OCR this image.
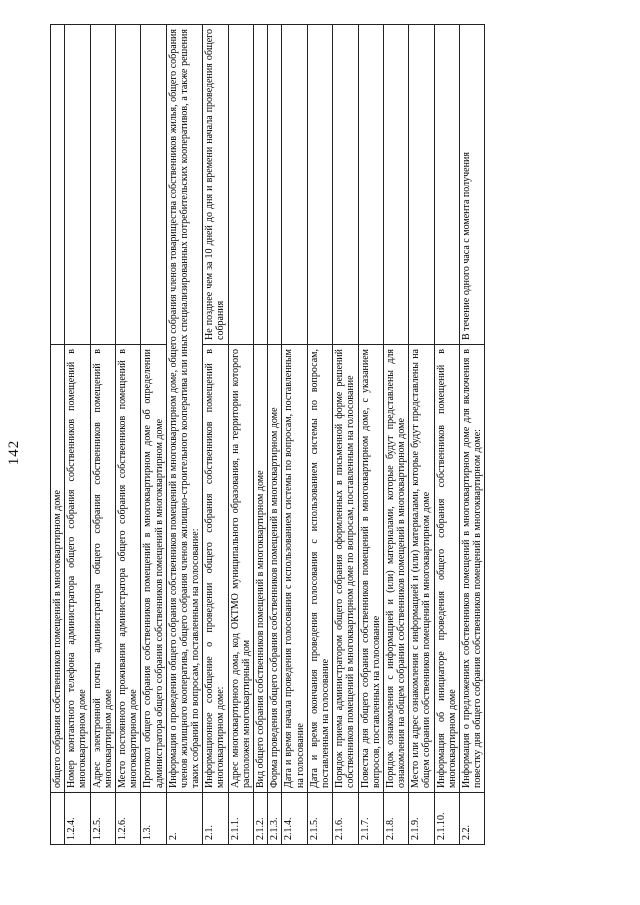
142
	общего собрания собственников помещений в многоквартирном доме	
1.2.4.	Номер контактного телефона администратора общего собрания собственников помещений в многоквартирном доме	
1.2.5.	Адрес электронной почты администратора общего собрания собственников помещений в многоквартирном доме	
1.2.6.	Место постоянного проживания администратора общего собрания собственников помещений в многоквартирном доме	
1.3.	Протокол общего собрания собственников помещений в многоквартирном доме об определении администратора общего собрания собственников помещений в многоквартирном доме	
2.	Информация о проведении общего собрания собственников помещений в многоквартирном доме, общего собрания членов товарищества собственников жилья, общего собрания членов жилищного кооператива, общего собрания членов жилищно-строительного кооператива или иных специализированных потребительских кооперативов, а также решения таких собраний по вопросам, поставленным на голосование:	
2.1.	Информационное сообщение о проведении общего собрания собственников помещений в многоквартирном доме:	Не позднее чем за 10 дней до дня и времени начала проведения общего собрания
2.1.1.	Адрес многоквартирного дома, код ОКТМО муниципального образования, на территории которого расположен многоквартирный дом	
2.1.2.	Вид общего собрания собственников помещений в многоквартирном доме	
2.1.3.	Форма проведения общего собрания собственников помещений в многоквартирном доме	
2.1.4.	Дата и время начала проведения голосования с использованием системы по вопросам, поставленным на голосование	
2.1.5.	Дата и время окончания проведения голосования с использованием системы по вопросам, поставленным на голосование	
2.1.6.	Порядок приема администратором общего собрания оформленных в письменной форме решений собственников помещений в многоквартирном доме по вопросам, поставленным на голосование	
2.1.7.	Повестка дня общего собрания собственников помещений в многоквартирном доме, с указанием вопросов, поставленных на голосование	
2.1.8.	Порядок ознакомления с информацией и (или) материалами, которые будут представлены для ознакомления на общем собрании собственников помещений в многоквартирном доме	
2.1.9.	Место или адрес ознакомления с информацией и (или) материалами, которые будут представлены на общем собрании собственников помещений в многоквартирном доме	
2.1.10.	Информация об инициаторе проведения общего собрания собственников помещений в многоквартирном доме	
2.2.	Информация о предложениях собственников помещений в многоквартирном доме для включения в повестку дня общего собрания собственников помещений в многоквартирном доме:	В течение одного часа с момента получения
